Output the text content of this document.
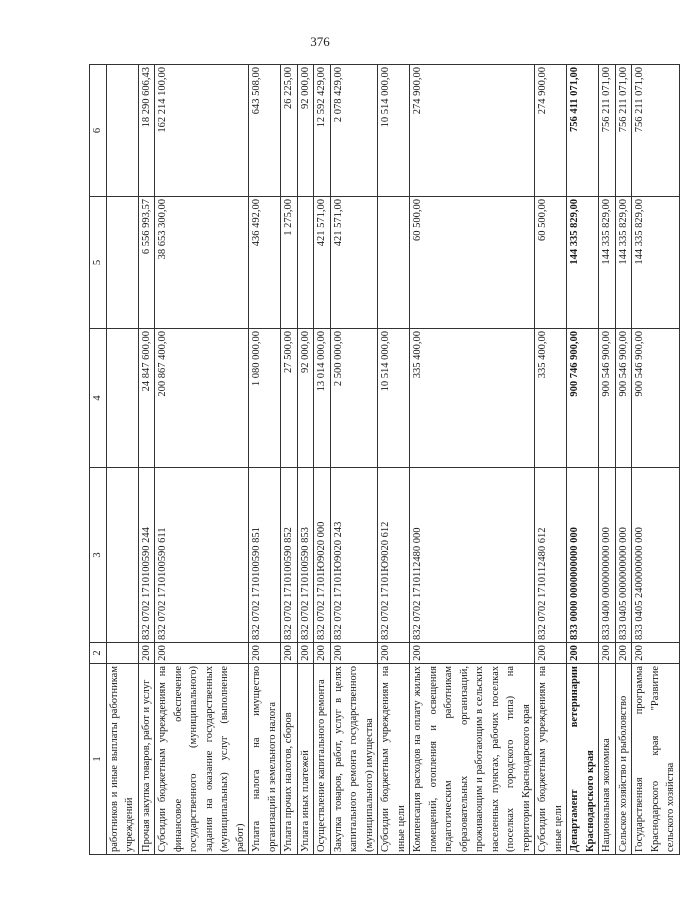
376
1	2	3	4	5	6
работников и иные выплаты работникам учреждений					
Прочая закупка товаров, работ и услуг	200	832 0702 1710100590 244	24 847 600,00	6 556 993,57	18 290 606,43
Субсидии бюджетным учреждениям на финансовое обеспечение государственного (муниципального) задания на оказание государственных (муниципальных) услуг (выполнение работ)	200	832 0702 1710100590 611	200 867 400,00	38 653 300,00	162 214 100,00
Уплата налога на имущество организаций и земельного налога	200	832 0702 1710100590 851	1 080 000,00	436 492,00	643 508,00
Уплата прочих налогов, сборов	200	832 0702 1710100590 852	27 500,00	1 275,00	26 225,00
Уплата иных платежей	200	832 0702 1710100590 853	92 000,00		92 000,00
Осуществление капитального ремонта	200	832 0702 17101Ю9020 000	13 014 000,00	421 571,00	12 592 429,00
Закупка товаров, работ, услуг в целях капитального ремонта государственного (муниципального) имущества	200	832 0702 17101Ю9020 243	2 500 000,00	421 571,00	2 078 429,00
Субсидии бюджетным учреждениям на иные цели	200	832 0702 17101Ю9020 612	10 514 000,00		10 514 000,00
Компенсация расходов на оплату жилых помещений, отопления и освещения педагогическим работникам образовательных организаций, проживающим и работающим в сельских населенных пунктах, рабочих поселках (поселках городского типа) на территории Краснодарского края	200	832 0702 1710112480 000	335 400,00	60 500,00	274 900,00
Субсидии бюджетным учреждениям на иные цели	200	832 0702 1710112480 612	335 400,00	60 500,00	274 900,00
Департамент ветеринарии Краснодарского края	200	833 0000 0000000000 000	900 746 900,00	144 335 829,00	756 411 071,00
Национальная экономика	200	833 0400 0000000000 000	900 546 900,00	144 335 829,00	756 211 071,00
Сельское хозяйство и рыболовство	200	833 0405 0000000000 000	900 546 900,00	144 335 829,00	756 211 071,00
Государственная программа Краснодарского края "Развитие сельского хозяйства	200	833 0405 2400000000 000	900 546 900,00	144 335 829,00	756 211 071,00
